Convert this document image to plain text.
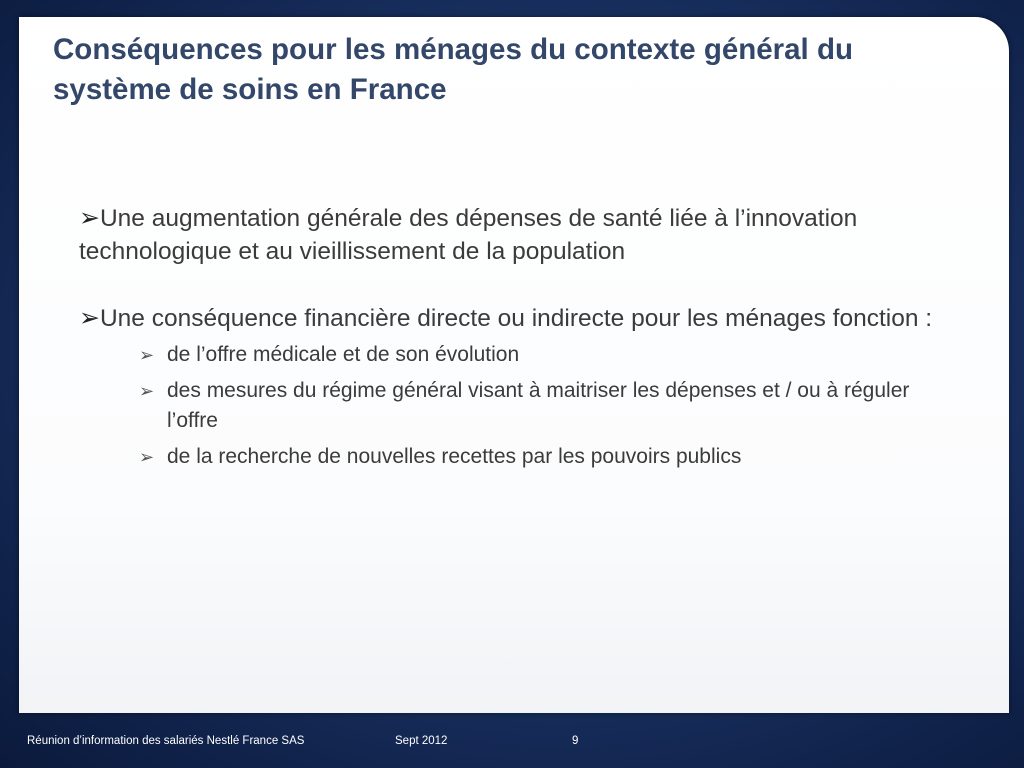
Conséquences pour les ménages du contexte général du système de soins en France

➢Une augmentation générale des dépenses de santé liée à l’innovation technologique et au vieillissement de la population

➢Une conséquence financière directe ou indirecte pour les ménages fonction :

➢ de l’offre médicale et de son évolution
➢ des mesures du régime général visant à maitriser les dépenses et / ou à réguler l’offre
➢ de la recherche de nouvelles recettes par les pouvoirs publics
Réunion d’information des salariés Nestlé France SAS	Sept 2012	9
